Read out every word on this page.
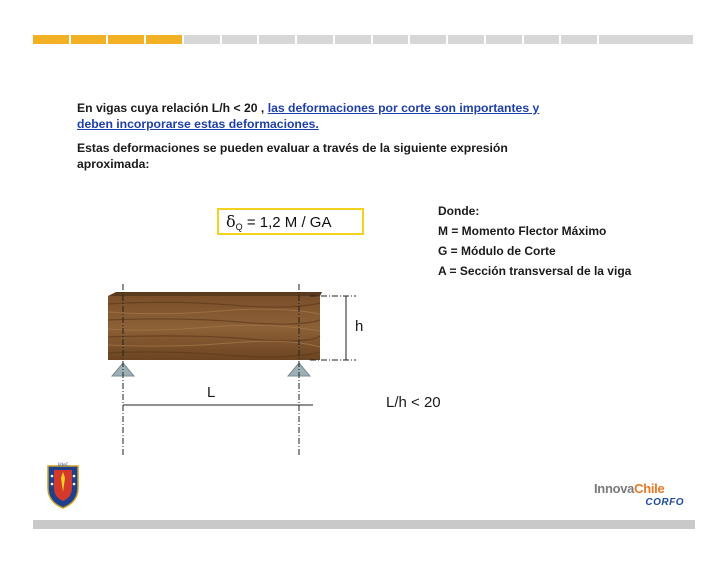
En vigas cuya relación L/h < 20 , las deformaciones por corte son importantes y deben incorporarse estas deformaciones.
Estas deformaciones se pueden evaluar a través de la siguiente expresión aproximada:
$\delta_Q = 1,2$ M / GA
Donde:
M = Momento Flector Máximo
G = Módulo de Corte
A = Sección transversal de la viga
h
L
L/h < 20
UdeC
InnovaChile
CORFO
